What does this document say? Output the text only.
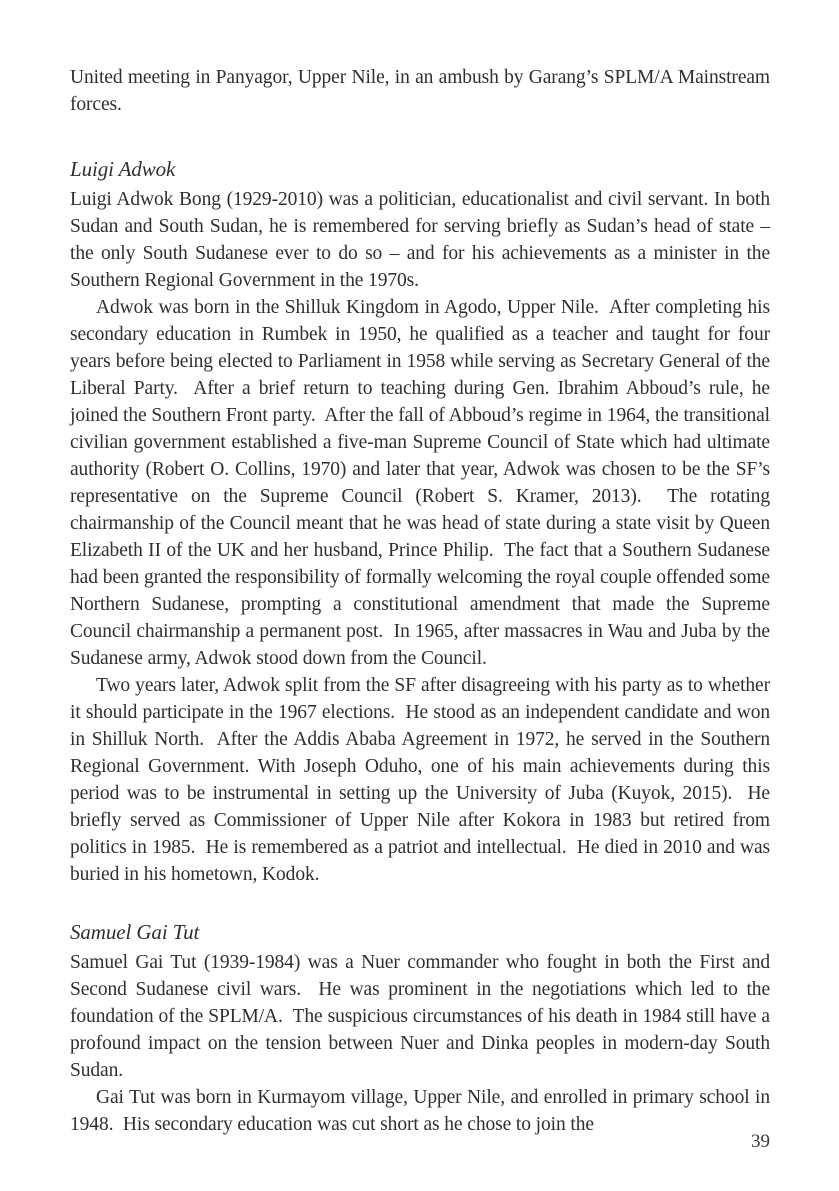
United meeting in Panyagor, Upper Nile, in an ambush by Garang’s SPLM/A Mainstream forces.

Luigi Adwok

Luigi Adwok Bong (1929-2010) was a politician, educationalist and civil servant. In both Sudan and South Sudan, he is remembered for serving briefly as Sudan’s head of state – the only South Sudanese ever to do so – and for his achievements as a minister in the Southern Regional Government in the 1970s.

Adwok was born in the Shilluk Kingdom in Agodo, Upper Nile.  After completing his secondary education in Rumbek in 1950, he qualified as a teacher and taught for four years before being elected to Parliament in 1958 while serving as Secretary General of the Liberal Party.  After a brief return to teaching during Gen. Ibrahim Abboud’s rule, he joined the Southern Front party.  After the fall of Abboud’s regime in 1964, the transitional civilian government established a five-man Supreme Council of State which had ultimate authority (Robert O. Collins, 1970) and later that year, Adwok was chosen to be the SF’s representative on the Supreme Council (Robert S. Kramer, 2013).  The rotating chairmanship of the Council meant that he was head of state during a state visit by Queen Elizabeth II of the UK and her husband, Prince Philip.  The fact that a Southern Sudanese had been granted the responsibility of formally welcoming the royal couple offended some Northern Sudanese, prompting a constitutional amendment that made the Supreme Council chairmanship a permanent post.  In 1965, after massacres in Wau and Juba by the Sudanese army, Adwok stood down from the Council.

Two years later, Adwok split from the SF after disagreeing with his party as to whether it should participate in the 1967 elections.  He stood as an independent candidate and won in Shilluk North.  After the Addis Ababa Agreement in 1972, he served in the Southern Regional Government. With Joseph Oduho, one of his main achievements during this period was to be instrumental in setting up the University of Juba (Kuyok, 2015).  He briefly served as Commissioner of Upper Nile after Kokora in 1983 but retired from politics in 1985.  He is remembered as a patriot and intellectual.  He died in 2010 and was buried in his hometown, Kodok.

Samuel Gai Tut

Samuel Gai Tut (1939-1984) was a Nuer commander who fought in both the First and Second Sudanese civil wars.  He was prominent in the negotiations which led to the foundation of the SPLM/A.  The suspicious circumstances of his death in 1984 still have a profound impact on the tension between Nuer and Dinka peoples in modern-day South Sudan.

Gai Tut was born in Kurmayom village, Upper Nile, and enrolled in primary school in 1948.  His secondary education was cut short as he chose to join the

39
